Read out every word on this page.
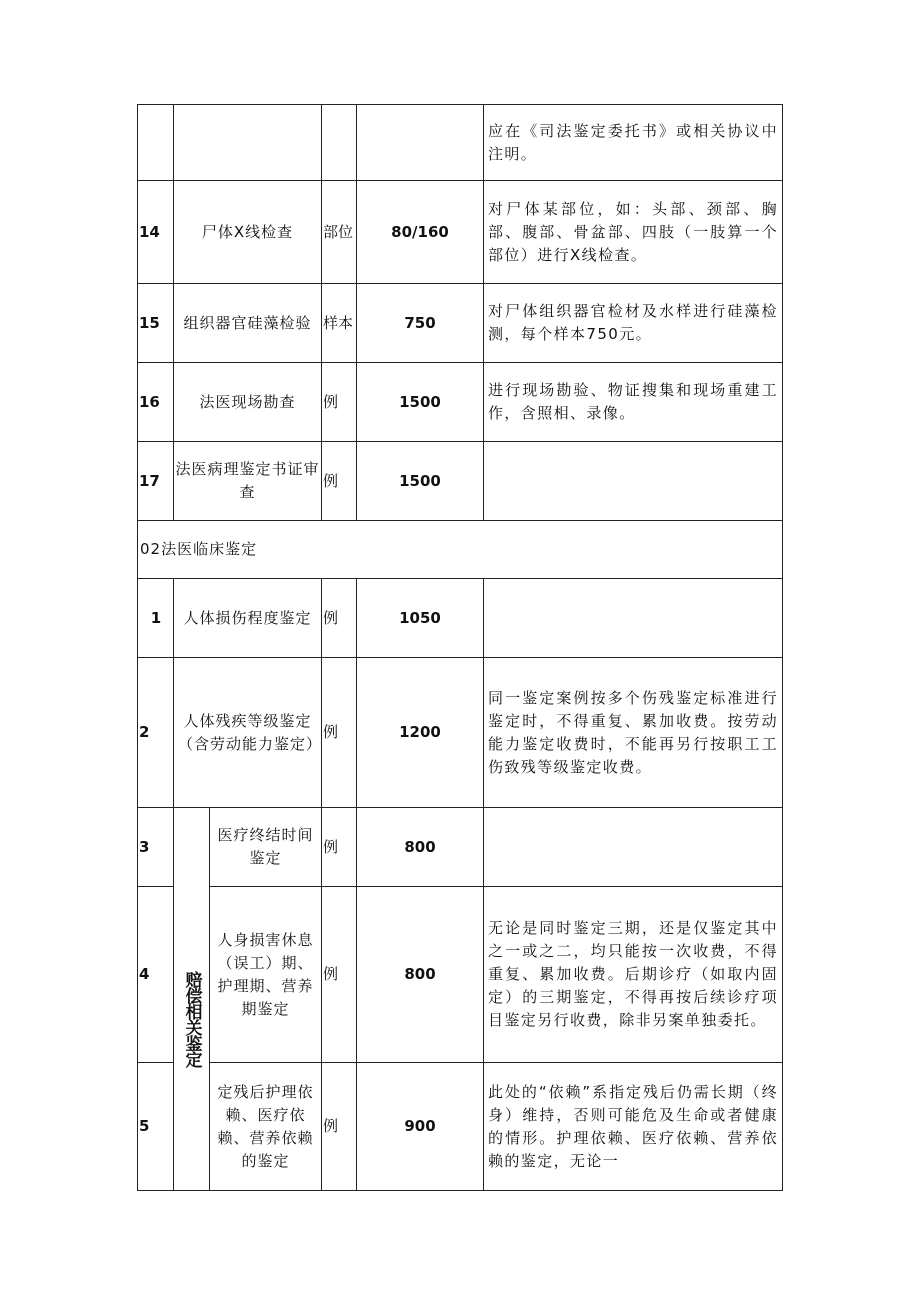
					应在《司法鉴定委托书》或相关协议中注明。
14	尸体X线检查		部位	80/160	对尸体某部位，如：头部、颈部、胸部、腹部、骨盆部、四肢（一肢算一个部位）进行X线检查。
15	组织器官硅藻检验		样本	750	对尸体组织器官检材及水样进行硅藻检测，每个样本750元。
16	法医现场勘查		例	1500	进行现场勘验、物证搜集和现场重建工作，含照相、录像。
17	法医病理鉴定书证审查		例	1500	
02法医临床鉴定					
1	人体损伤程度鉴定		例	1050	
2	人体残疾等级鉴定（含劳动能力鉴定）		例	1200	同一鉴定案例按多个伤残鉴定标准进行鉴定时，不得重复、累加收费。按劳动能力鉴定收费时，不能再另行按职工工伤致残等级鉴定收费。
3	赔偿相关鉴定	医疗终结时间鉴定	例	800	
4		人身损害休息（误工）期、护理期、营养期鉴定	例	800	无论是同时鉴定三期，还是仅鉴定其中之一或之二，均只能按一次收费，不得重复、累加收费。后期诊疗（如取内固定）的三期鉴定，不得再按后续诊疗项目鉴定另行收费，除非另案单独委托。
5		定残后护理依赖、医疗依赖、营养依赖的鉴定	例	900	此处的“依赖”系指定残后仍需长期（终身）维持，否则可能危及生命或者健康的情形。护理依赖、医疗依赖、营养依赖的鉴定，无论一
